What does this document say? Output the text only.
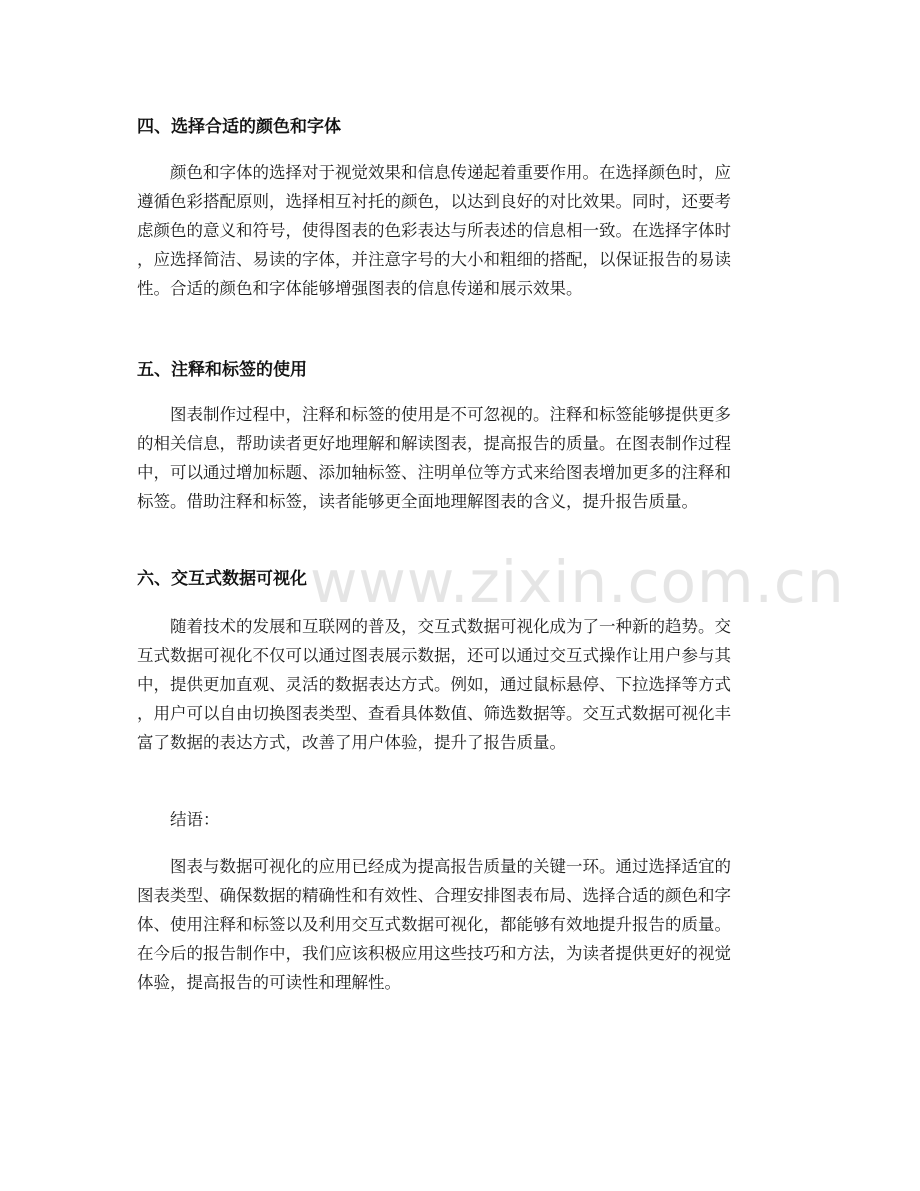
www.zixin.com.cn
四、选择合适的颜色和字体
颜色和字体的选择对于视觉效果和信息传递起着重要作用。在选择颜色时，应
遵循色彩搭配原则，选择相互衬托的颜色，以达到良好的对比效果。同时，还要考
虑颜色的意义和符号，使得图表的色彩表达与所表述的信息相一致。在选择字体时
，应选择简洁、易读的字体，并注意字号的大小和粗细的搭配，以保证报告的易读
性。合适的颜色和字体能够增强图表的信息传递和展示效果。
五、注释和标签的使用
图表制作过程中，注释和标签的使用是不可忽视的。注释和标签能够提供更多
的相关信息，帮助读者更好地理解和解读图表，提高报告的质量。在图表制作过程
中，可以通过增加标题、添加轴标签、注明单位等方式来给图表增加更多的注释和
标签。借助注释和标签，读者能够更全面地理解图表的含义，提升报告质量。
六、交互式数据可视化
随着技术的发展和互联网的普及，交互式数据可视化成为了一种新的趋势。交
互式数据可视化不仅可以通过图表展示数据，还可以通过交互式操作让用户参与其
中，提供更加直观、灵活的数据表达方式。例如，通过鼠标悬停、下拉选择等方式
，用户可以自由切换图表类型、查看具体数值、筛选数据等。交互式数据可视化丰
富了数据的表达方式，改善了用户体验，提升了报告质量。
结语：
图表与数据可视化的应用已经成为提高报告质量的关键一环。通过选择适宜的
图表类型、确保数据的精确性和有效性、合理安排图表布局、选择合适的颜色和字
体、使用注释和标签以及利用交互式数据可视化，都能够有效地提升报告的质量。
在今后的报告制作中，我们应该积极应用这些技巧和方法，为读者提供更好的视觉
体验，提高报告的可读性和理解性。
